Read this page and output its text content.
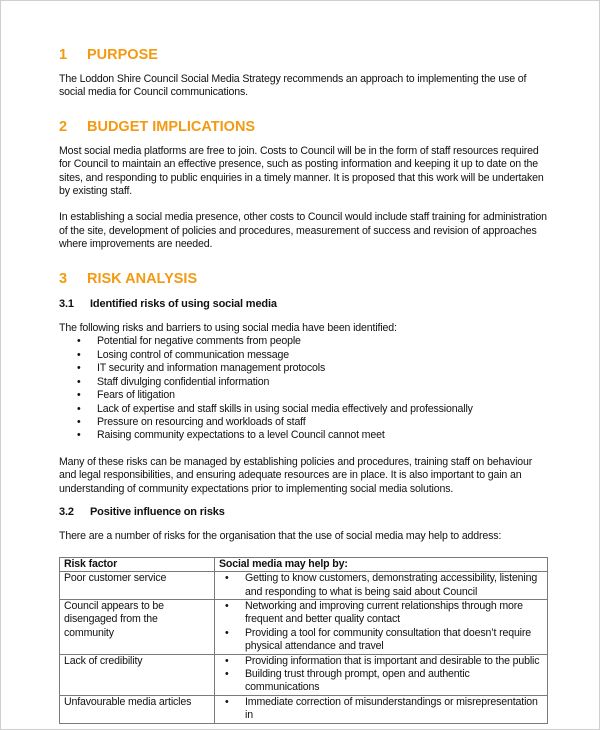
1	PURPOSE

The Loddon Shire Council Social Media Strategy recommends an approach to implementing the use of social media for Council communications.

2	BUDGET IMPLICATIONS

Most social media platforms are free to join. Costs to Council will be in the form of staff resources required for Council to maintain an effective presence, such as posting information and keeping it up to date on the sites, and responding to public enquiries in a timely manner. It is proposed that this work will be undertaken by existing staff.

In establishing a social media presence, other costs to Council would include staff training for administration of the site, development of policies and procedures, measurement of success and revision of approaches where improvements are needed.

3	RISK ANALYSIS
3.1	Identified risks of using social media

The following risks and barriers to using social media have been identified:

•	Potential for negative comments from people
•	Losing control of communication message
•	IT security and information management protocols
•	Staff divulging confidential information
•	Fears of litigation
•	Lack of expertise and staff skills in using social media effectively and professionally
•	Pressure on resourcing and workloads of staff
•	Raising community expectations to a level Council cannot meet

Many of these risks can be managed by establishing policies and procedures, training staff on behaviour and legal responsibilities, and ensuring adequate resources are in place. It is also important to gain an understanding of community expectations prior to implementing social media solutions.

3.2	Positive influence on risks

There are a number of risks for the organisation that the use of social media may help to address:

Risk factor	Social media may help by:
Poor customer service	•	Getting to know customers, demonstrating accessibility, listening and responding to what is being said about Council

Council appears to be disengaged from the community	
•	Networking and improving current relationships through more frequent and better quality contact
•	Providing a tool for community consultation that doesn’t require physical attendance and travel

Lack of credibility	•	Providing information that is important and desirable to the public
•	Building trust through prompt, open and authentic communications

Unfavourable media articles	•	Immediate correction of misunderstandings or misrepresentation in
